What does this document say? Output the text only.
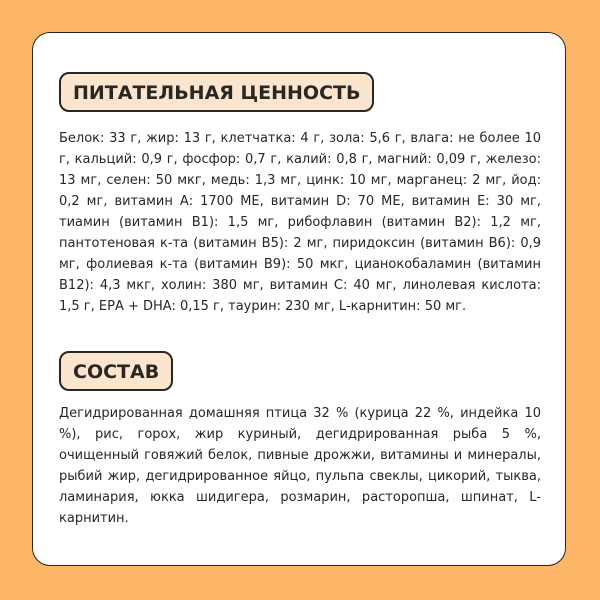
ПИТАТЕЛЬНАЯ ЦЕННОСТЬ

Белок: 33 г, жир: 13 г, клетчатка: 4 г, зола: 5,6 г, влага: не более 10 г, кальций: 0,9 г, фосфор: 0,7 г, калий: 0,8 г, магний: 0,09 г, железо: 13 мг, селен: 50 мкг, медь: 1,3 мг, цинк: 10 мг, марганец: 2 мг, йод: 0,2 мг, витамин А: 1700 МЕ, витамин D: 70 МЕ, витамин Е: 30 мг, тиамин (витамин В1): 1,5 мг, рибофлавин (витамин В2): 1,2 мг, пантотеновая к-та (витамин В5): 2 мг, пиридоксин (витамин В6): 0,9 мг, фолиевая к-та (витамин В9): 50 мкг, цианокобаламин (витамин В12): 4,3 мкг, холин: 380 мг, витамин С: 40 мг, линолевая кислота: 1,5 г, ЕРА + DHA: 0,15 г, таурин: 230 мг, L-карнитин: 50 мг.

СОСТАВ

Дегидрированная домашняя птица 32 % (курица 22 %, индейка 10 %), рис, горох, жир куриный, дегидрированная рыба 5 %, очищенный говяжий белок, пивные дрожжи, витамины и минералы, рыбий жир, дегидрированное яйцо, пульпа свеклы, цикорий, тыква, ламинария, юкка шидигера, розмарин, расторопша, шпинат, L-карнитин.
